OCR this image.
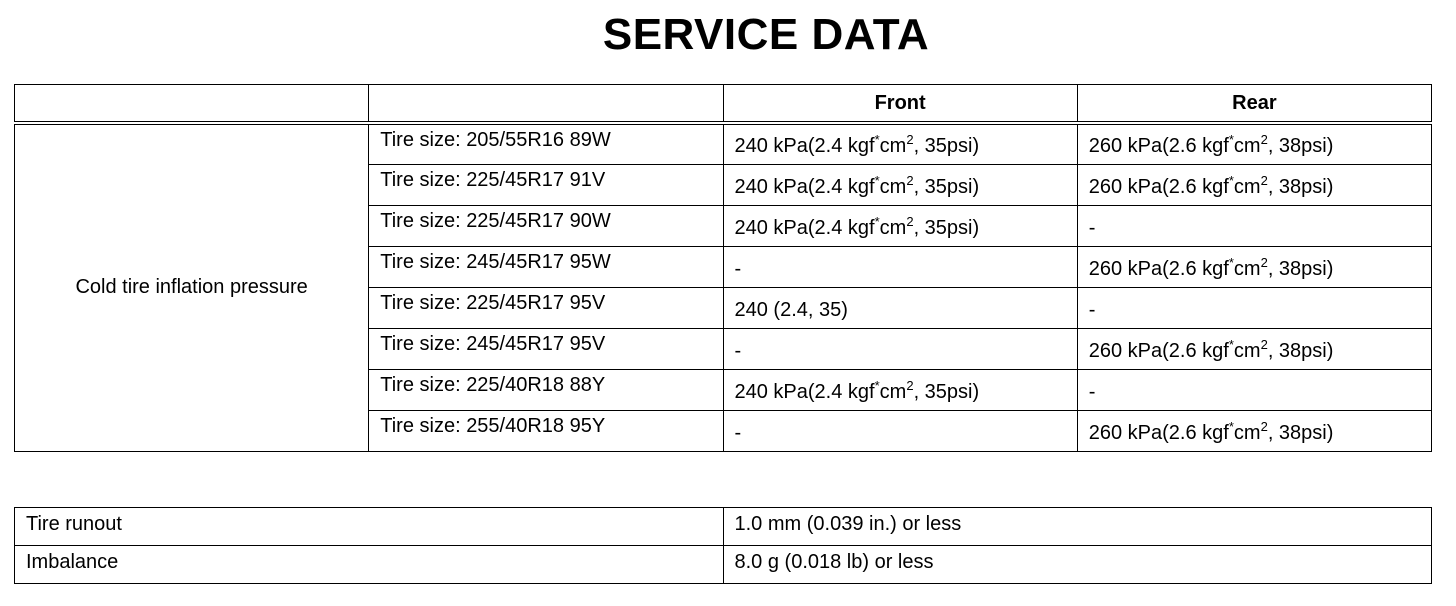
SERVICE DATA
		Front	Rear
Cold tire inflation pressure	Tire size: 205/55R16 89W	240 kPa(2.4 $kgf^*cm^2$, 35psi)	260 kPa(2.6 $kgf^*cm^2$, 38psi)
	Tire size: 225/45R17 91V	240 kPa(2.4 $kgf^*cm^2$, 35psi)	260 kPa(2.6 $kgf^*cm^2$, 38psi)
	Tire size: 225/45R17 90W	240 kPa(2.4 $kgf^*cm^2$, 35psi)	-
	Tire size: 245/45R17 95W	-	260 kPa(2.6 $kgf^*cm^2$, 38psi)
	Tire size: 225/45R17 95V	240 (2.4, 35)	-
	Tire size: 245/45R17 95V	-	260 kPa(2.6 $kgf^*cm^2$, 38psi)
	Tire size: 225/40R18 88Y	240 kPa(2.4 $kgf^*cm^2$, 35psi)	-
	Tire size: 255/40R18 95Y	-	260 kPa(2.6 $kgf^*cm^2$, 38psi)
Tire runout	1.0 mm (0.039 in.) or less
Imbalance	8.0 g (0.018 lb) or less
